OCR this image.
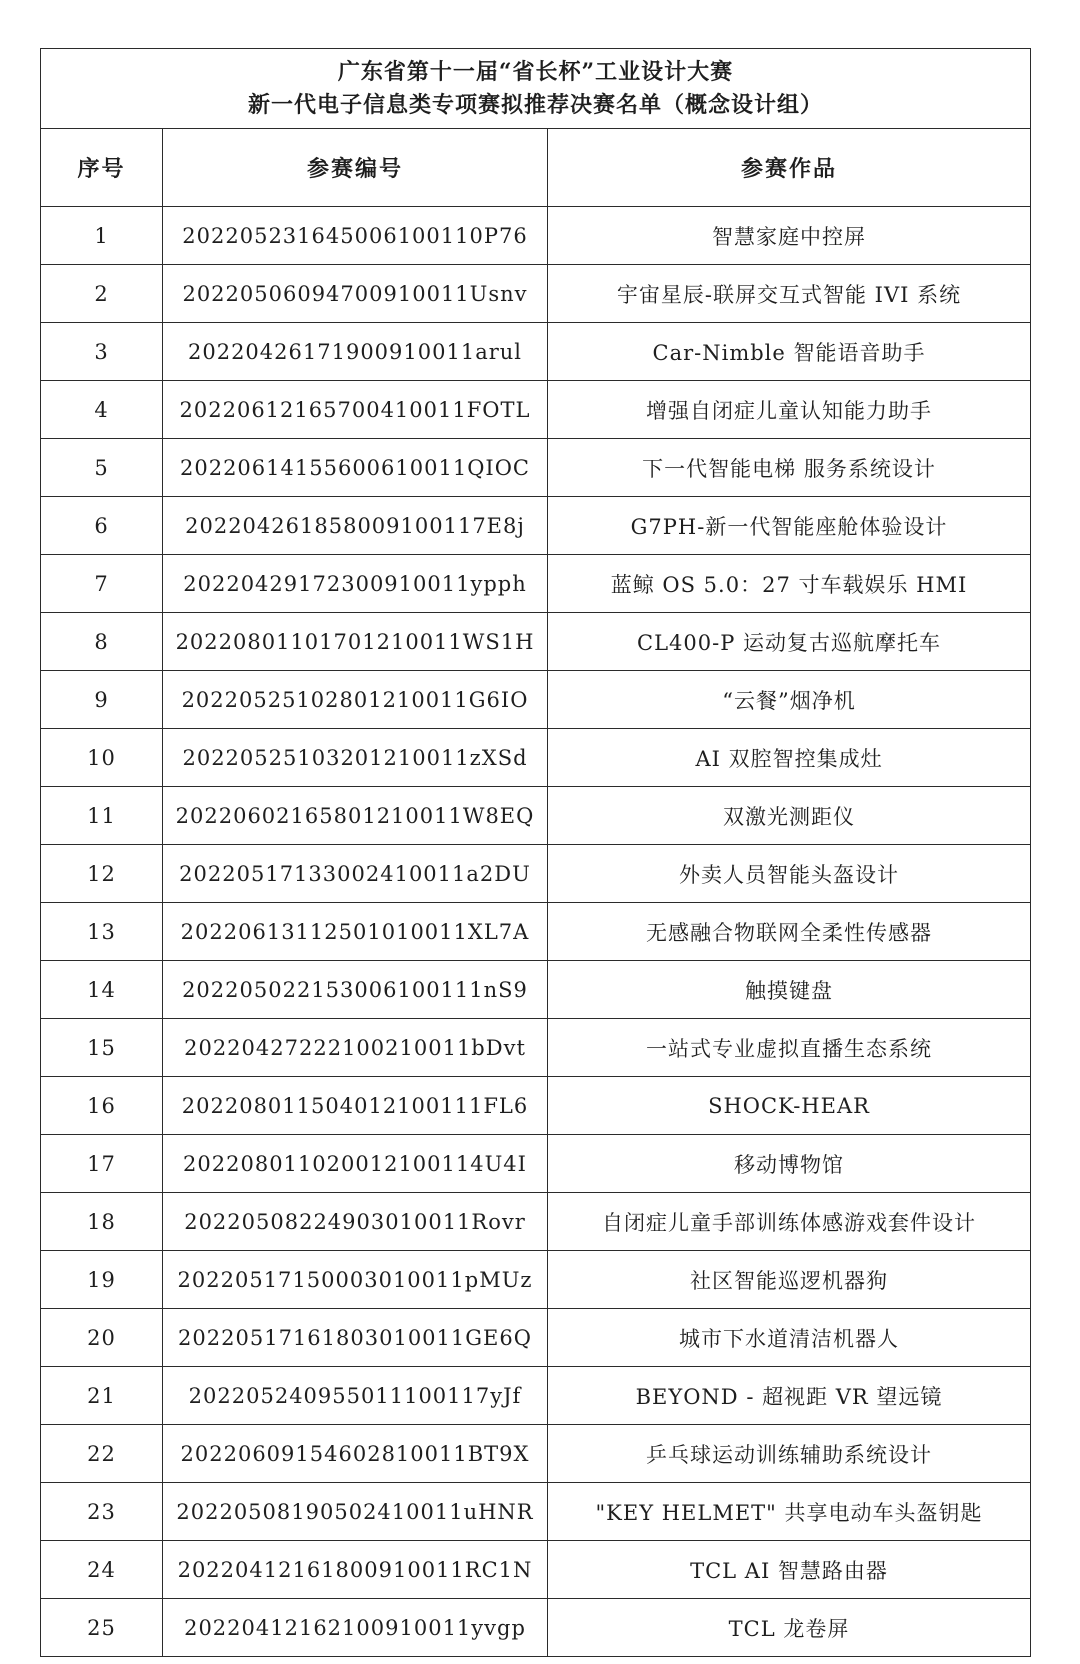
广东省第十一届“省长杯”工业设计大赛
新一代电子信息类专项赛拟推荐决赛名单（概念设计组）		

序号	参赛编号	参赛作品
1	202205231645006100110P76	智慧家庭中控屏
2	20220506094700910011Usnv	宇宙星辰-联屏交互式智能 IVI 系统
3	20220426171900910011arul	Car-Nimble 智能语音助手
4	20220612165700410011FOTL	增强自闭症儿童认知能力助手
5	20220614155600610011QIOC	下一代智能电梯 服务系统设计
6	202204261858009100117E8j	G7PH-新一代智能座舱体验设计
7	20220429172300910011ypph	蓝鲸 OS 5.0：27 寸车载娱乐 HMI
8	20220801101701210011WS1H	CL400-P 运动复古巡航摩托车
9	20220525102801210011G6IO	“云餐”烟净机
10	20220525103201210011zXSd	AI 双腔智控集成灶
11	20220602165801210011W8EQ	双激光测距仪
12	20220517133002410011a2DU	外卖人员智能头盔设计
13	20220613112501010011XL7A	无感融合物联网全柔性传感器
14	202205022153006100111nS9	触摸键盘
15	20220427222100210011bDvt	一站式专业虚拟直播生态系统
16	202208011504012100111FL6	SHOCK-HEAR
17	202208011020012100114U4I	移动博物馆
18	20220508224903010011Rovr	自闭症儿童手部训练体感游戏套件设计
19	20220517150003010011pMUz	社区智能巡逻机器狗
20	20220517161803010011GE6Q	城市下水道清洁机器人
21	202205240955011100117yJf	BEYOND - 超视距 VR 望远镜
22	20220609154602810011BT9X	乒乓球运动训练辅助系统设计
23	20220508190502410011uHNR	"KEY HELMET" 共享电动车头盔钥匙
24	20220412161800910011RC1N	TCL AI 智慧路由器
25	20220412162100910011yvgp	TCL 龙卷屏
